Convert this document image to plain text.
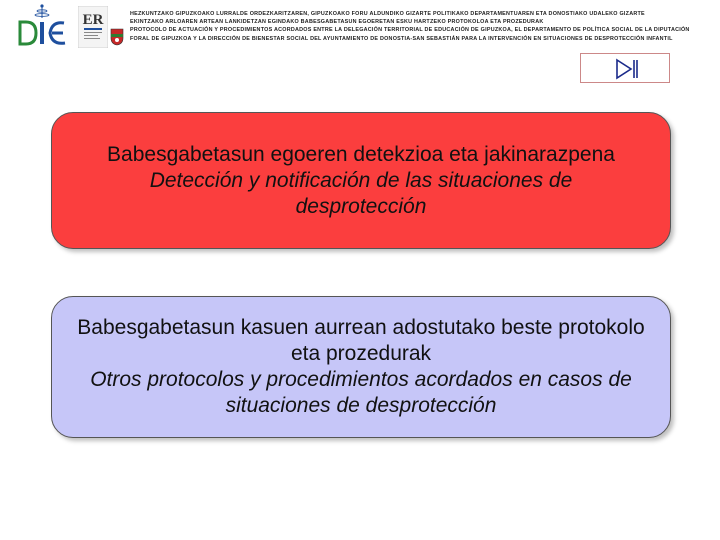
ER	HEZKUNTZAKO GIPUZKOAKO LURRALDE ORDEZKARITZAREN, GIPUZKOAKO FORU ALDUNDIKO GIZARTE POLITIKAKO DEPARTAMENTUAREN ETA DONOSTIAKO UDALEKO GIZARTE
EKINTZAKO ARLOAREN ARTEAN LANKIDETZAN EGINDAKO BABESGABETASUN EGOERETAN ESKU HARTZEKO PROTOKOLOA ETA PROZEDURAK
PROTOCOLO DE ACTUACIÓN Y PROCEDIMIENTOS ACORDADOS ENTRE LA DELEGACIÓN TERRITORIAL DE EDUCACIÓN DE GIPUZKOA, EL DEPARTAMENTO DE POLÍTICA SOCIAL DE LA DIPUTACIÓN
FORAL DE GIPUZKOA Y LA DIRECCIÓN DE BIENESTAR SOCIAL DEL AYUNTAMIENTO DE DONOSTIA-SAN SEBASTIÁN PARA LA INTERVENCIÓN EN SITUACIONES DE DESPROTECCIÓN INFANTIL
Babesgabetasun egoeren detekzioa eta jakinarazpena
Detección y notificación de las situaciones de desprotección
Babesgabetasun kasuen aurrean adostutako beste protokolo eta prozedurak
Otros protocolos y procedimientos acordados en casos de situaciones de desprotección
